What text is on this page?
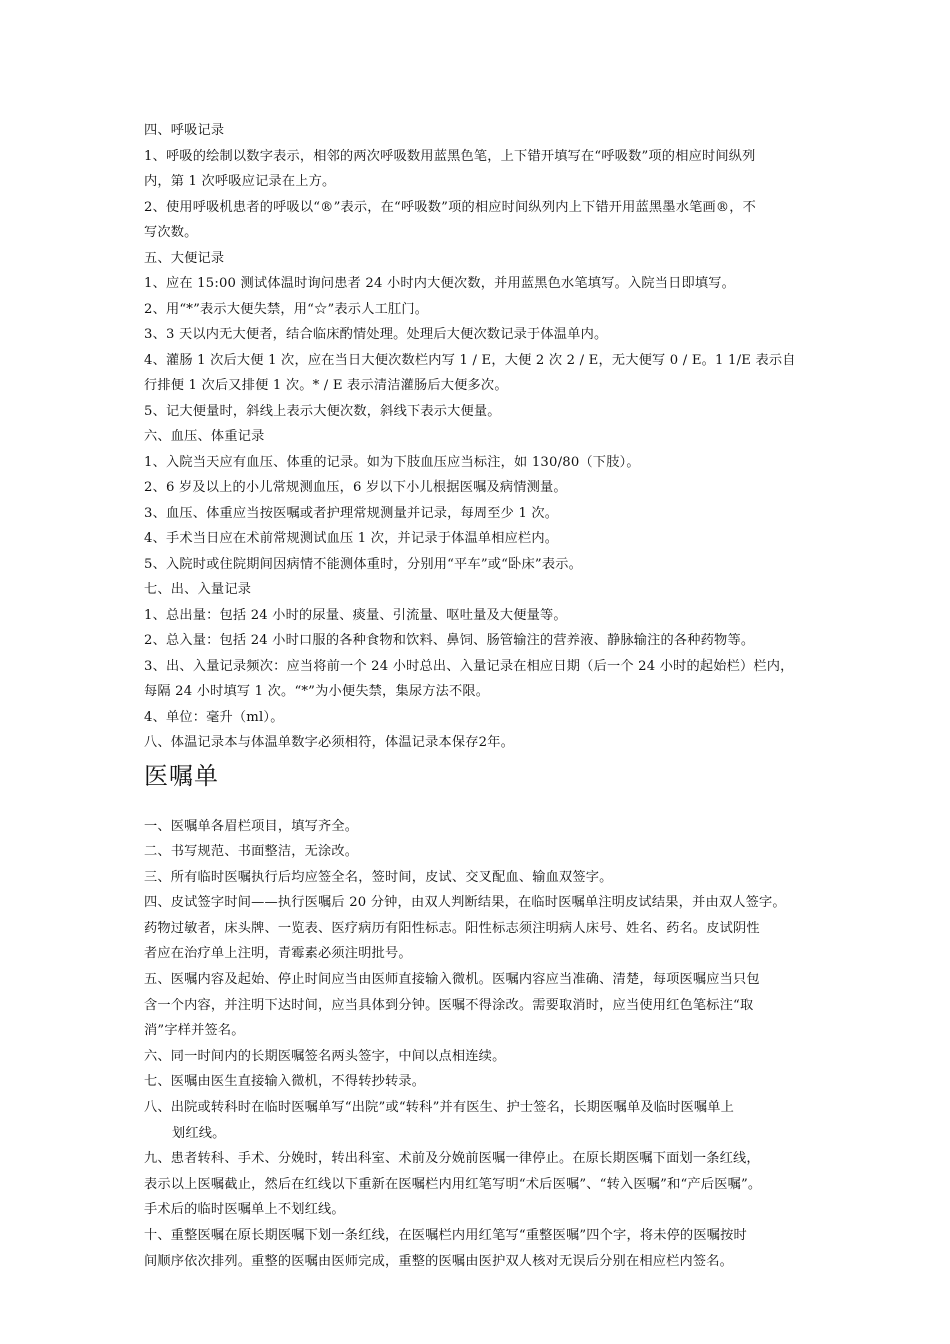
四、呼吸记录
1、呼吸的绘制以数字表示，相邻的两次呼吸数用蓝黑色笔，上下错开填写在“呼吸数”项的相应时间纵列
内，第 1 次呼吸应记录在上方。
2、使用呼吸机患者的呼吸以“®”表示，在“呼吸数”项的相应时间纵列内上下错开用蓝黑墨水笔画®，不
写次数。
五、大便记录
1、应在 15:00 测试体温时询问患者 24 小时内大便次数，并用蓝黑色水笔填写。入院当日即填写。
2、用“*”表示大便失禁，用“☆”表示人工肛门。
3、3 天以内无大便者，结合临床酌情处理。处理后大便次数记录于体温单内。
4、灌肠 1 次后大便 1 次，应在当日大便次数栏内写 1 / E，大便 2 次 2 / E，无大便写 0 / E。1 1/E 表示自
行排便 1 次后又排便 1 次。* / E 表示清洁灌肠后大便多次。
5、记大便量时，斜线上表示大便次数，斜线下表示大便量。
六、血压、体重记录
1、入院当天应有血压、体重的记录。如为下肢血压应当标注，如 130/80（下肢）。
2、6 岁及以上的小儿常规测血压，6 岁以下小儿根据医嘱及病情测量。
3、血压、体重应当按医嘱或者护理常规测量并记录，每周至少 1 次。
4、手术当日应在术前常规测试血压 1 次，并记录于体温单相应栏内。
5、入院时或住院期间因病情不能测体重时，分别用“平车”或“卧床”表示。
七、出、入量记录
1、总出量：包括 24 小时的尿量、痰量、引流量、呕吐量及大便量等。
2、总入量：包括 24 小时口服的各种食物和饮料、鼻饲、肠管输注的营养液、静脉输注的各种药物等。
3、出、入量记录频次：应当将前一个 24 小时总出、入量记录在相应日期（后一个 24 小时的起始栏）栏内，
每隔 24 小时填写 1 次。“*”为小便失禁，集尿方法不限。
4、单位：毫升（ml）。
八、体温记录本与体温单数字必须相符，体温记录本保存2年。
医嘱单
一、医嘱单各眉栏项目，填写齐全。
二、书写规范、书面整洁，无涂改。
三、所有临时医嘱执行后均应签全名，签时间，皮试、交叉配血、输血双签字。
四、皮试签字时间——执行医嘱后 20 分钟，由双人判断结果，在临时医嘱单注明皮试结果，并由双人签字。
药物过敏者，床头牌、一览表、医疗病历有阳性标志。阳性标志须注明病人床号、姓名、药名。皮试阴性
者应在治疗单上注明，青霉素必须注明批号。
五、医嘱内容及起始、停止时间应当由医师直接输入微机。医嘱内容应当准确、清楚，每项医嘱应当只包
含一个内容，并注明下达时间，应当具体到分钟。医嘱不得涂改。需要取消时，应当使用红色笔标注“取
消”字样并签名。
六、同一时间内的长期医嘱签名两头签字，中间以点相连续。
七、医嘱由医生直接输入微机，不得转抄转录。
八、出院或转科时在临时医嘱单写“出院”或“转科”并有医生、护士签名，长期医嘱单及临时医嘱单上
划红线。
九、患者转科、手术、分娩时，转出科室、术前及分娩前医嘱一律停止。在原长期医嘱下面划一条红线，
表示以上医嘱截止，然后在红线以下重新在医嘱栏内用红笔写明“术后医嘱”、“转入医嘱”和“产后医嘱”。
手术后的临时医嘱单上不划红线。
十、重整医嘱在原长期医嘱下划一条红线，在医嘱栏内用红笔写“重整医嘱”四个字，将未停的医嘱按时
间顺序依次排列。重整的医嘱由医师完成，重整的医嘱由医护双人核对无误后分别在相应栏内签名。
